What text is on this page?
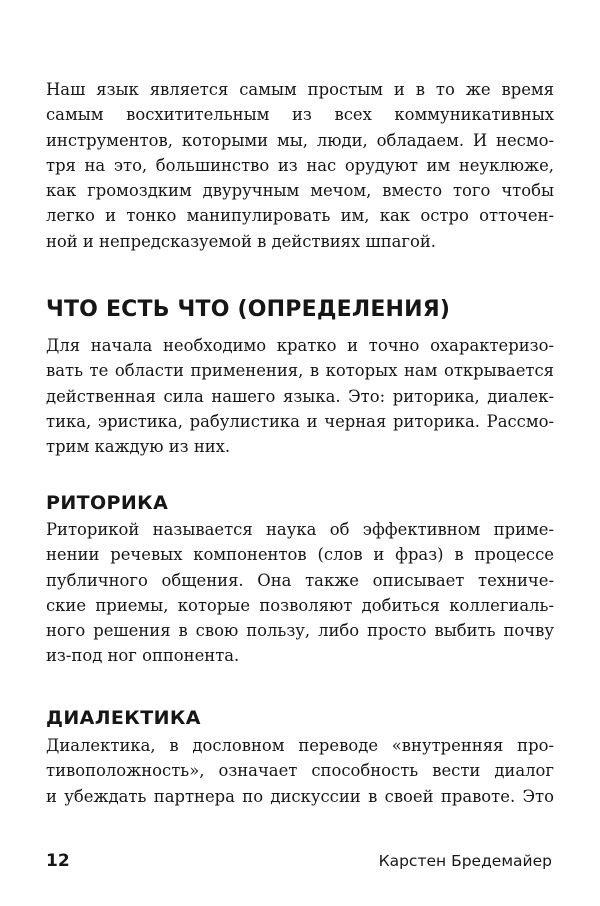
Наш язык является самым простым и в то же время
самым восхитительным из всех коммуникативных
инструментов, которыми мы, люди, обладаем. И несмо-
тря на это, большинство из нас орудуют им неуклюже,
как громоздким двуручным мечом, вместо того чтобы
легко и тонко манипулировать им, как остро отточен-
ной и непредсказуемой в действиях шпагой.
ЧТО ЕСТЬ ЧТО (ОПРЕДЕЛЕНИЯ)
Для начала необходимо кратко и точно охарактеризо-
вать те области применения, в которых нам открывается
действенная сила нашего языка. Это: риторика, диалек-
тика, эристика, рабулистика и черная риторика. Рассмо-
трим каждую из них.
РИТОРИКА
Риторикой называется наука об эффективном приме-
нении речевых компонентов (слов и фраз) в процессе
публичного общения. Она также описывает техниче-
ские приемы, которые позволяют добиться коллегиаль-
ного решения в свою пользу, либо просто выбить почву
из-под ног оппонента.
ДИАЛЕКТИКА
Диалектика, в дословном переводе «внутренняя про-
тивоположность», означает способность вести диалог
и убеждать партнера по дискуссии в своей правоте. Это
12	Карстен Бредемайер
